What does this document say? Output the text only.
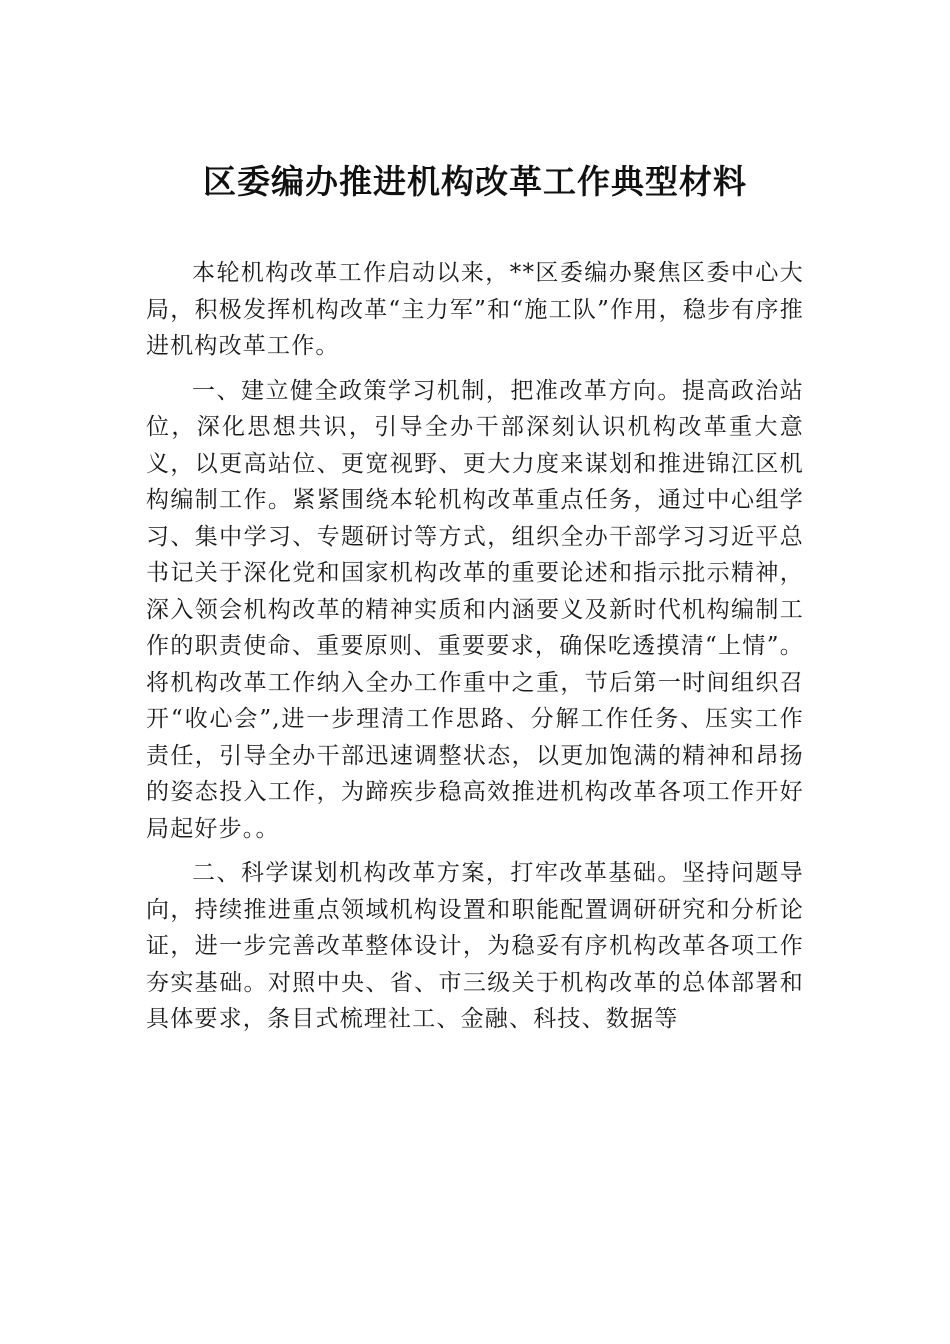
区委编办推进机构改革工作典型材料

本轮机构改革工作启动以来，**区委编办聚焦区委中心大局，积极发挥机构改革“主力军”和“施工队”作用，稳步有序推进机构改革工作。

一、建立健全政策学习机制，把准改革方向。提高政治站位，深化思想共识，引导全办干部深刻认识机构改革重大意义，以更高站位、更宽视野、更大力度来谋划和推进锦江区机构编制工作。紧紧围绕本轮机构改革重点任务，通过中心组学习、集中学习、专题研讨等方式，组织全办干部学习习近平总书记关于深化党和国家机构改革的重要论述和指示批示精神，深入领会机构改革的精神实质和内涵要义及新时代机构编制工作的职责使命、重要原则、重要要求，确保吃透摸清“上情”。将机构改革工作纳入全办工作重中之重，节后第一时间组织召开“收心会”,进一步理清工作思路、分解工作任务、压实工作责任，引导全办干部迅速调整状态，以更加饱满的精神和昂扬的姿态投入工作，为蹄疾步稳高效推进机构改革各项工作开好局起好步。。

二、科学谋划机构改革方案，打牢改革基础。坚持问题导向，持续推进重点领域机构设置和职能配置调研研究和分析论证，进一步完善改革整体设计，为稳妥有序机构改革各项工作夯实基础。对照中央、省、市三级关于机构改革的总体部署和具体要求，条目式梳理社工、金融、科技、数据等
